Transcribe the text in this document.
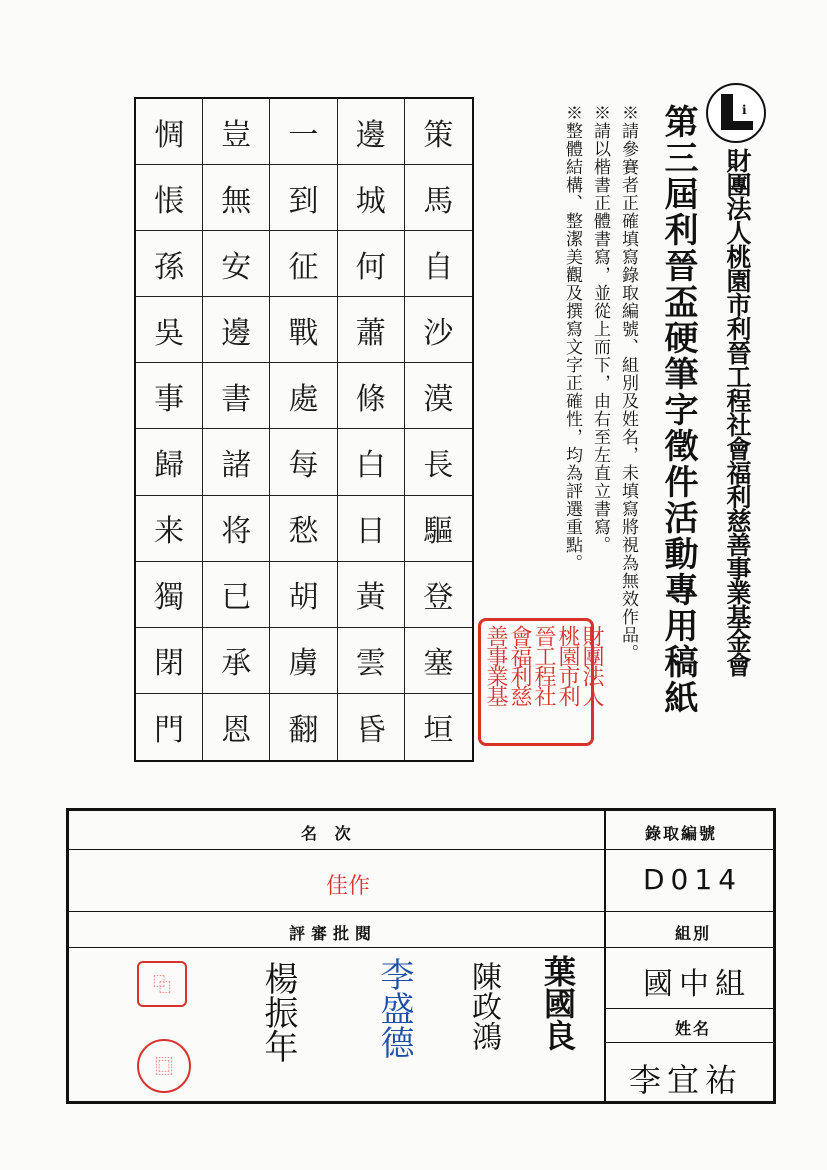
i
財團法人桃園市利晉工程社會福利慈善事業基金會
第三屆利晉盃硬筆字徵件活動專用稿紙
※請參賽者正確填寫錄取編號、組別及姓名，未填寫將視為無效作品。
※請以楷書正體書寫，並從上而下，由右至左直立書寫。
※整體結構、整潔美觀及撰寫文字正確性，均為評選重點。
財團法人
桃園市利
晉工程社
會福利慈
善事業基
惆	豈	一	邊	策
悵	無	到	城	馬
孫	安	征	何	自
吳	邊	戰	蕭	沙
事	書	處	條	漠
歸	諸	每	白	長
来	将	愁	日	驅
獨	已	胡	黃	登
閉	承	虜	雲	塞
門	恩	翻	昏	垣
名 次
佳作
評審批閱
錄取編號
D014
組別
國中組
姓名
李宜祐
⿻
⿴
楊振年 李盛德 陳政鴻 葉國良
